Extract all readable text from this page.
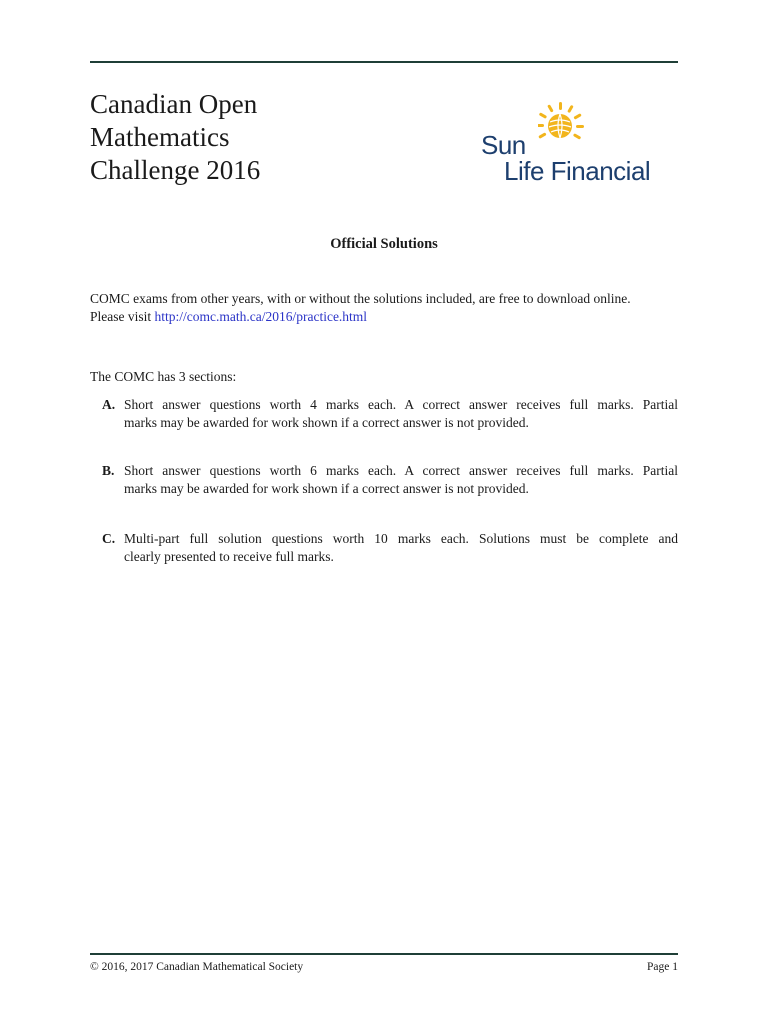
Canadian Open
Mathematics
Challenge 2016
Sun
Life Financial
Official Solutions
COMC exams from other years, with or without the solutions included, are free to download online.
Please visit http://comc.math.ca/2016/practice.html
The COMC has 3 sections:
A. Short answer questions worth 4 marks each. A correct answer receives full marks. Partial
marks may be awarded for work shown if a correct answer is not provided.
B. Short answer questions worth 6 marks each. A correct answer receives full marks. Partial
marks may be awarded for work shown if a correct answer is not provided.
C. Multi-part full solution questions worth 10 marks each. Solutions must be complete and
clearly presented to receive full marks.
© 2016, 2017 Canadian Mathematical Society	Page 1
